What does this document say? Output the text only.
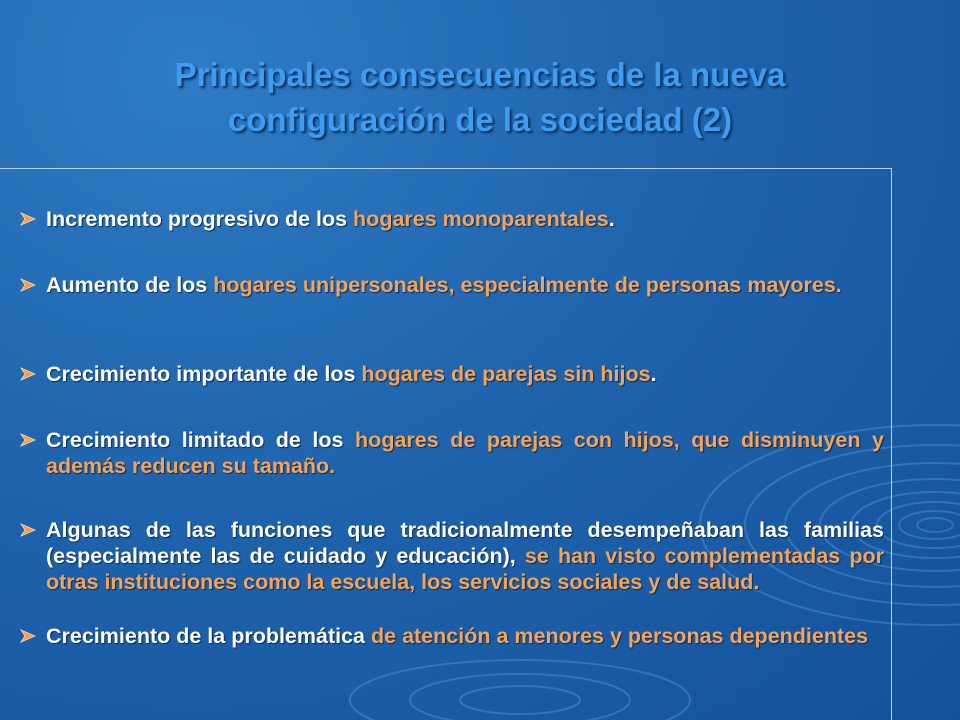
Principales consecuencias de la nueva
configuración de la sociedad (2)
Incremento progresivo de los hogares monoparentales.
Aumento de los hogares unipersonales, especialmente de personas mayores.
Crecimiento importante de los hogares de parejas sin hijos.
Crecimiento limitado de los hogares de parejas con hijos, que disminuyen y además reducen su tamaño.
Algunas de las funciones que tradicionalmente desempeñaban las familias (especialmente las de cuidado y educación), se han visto complementadas por otras instituciones como la escuela, los servicios sociales y de salud.
Crecimiento de la problemática de atención a menores y personas dependientes
